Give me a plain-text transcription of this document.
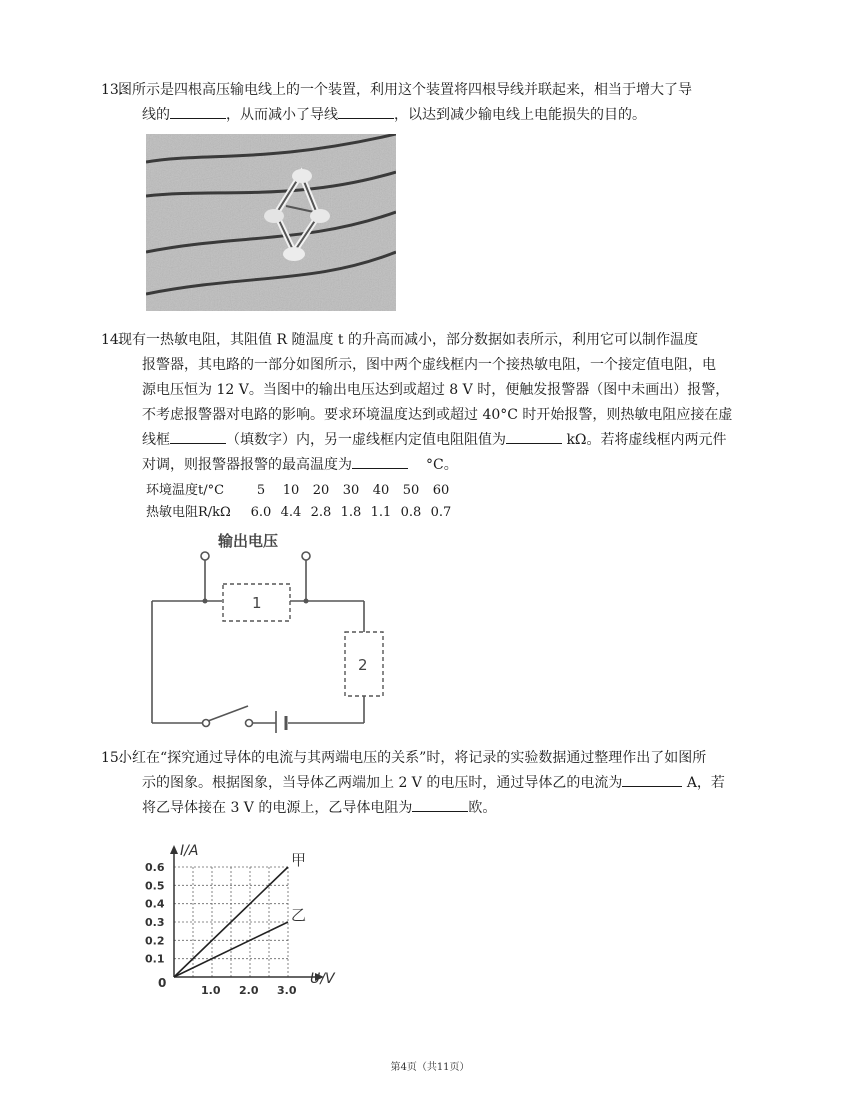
13.
图所示是四根高压输电线上的一个装置，利用这个装置将四根导线并联起来，相当于增大了导
线的	，从而减小了导线	，以达到减少输电线上电能损失的目的。
14.
现有一热敏电阻，其阻值 R 随温度 t 的升高而减小，部分数据如表所示，利用它可以制作温度
报警器，其电路的一部分如图所示，图中两个虚线框内一个接热敏电阻，一个接定值电阻，电
源电压恒为 12 V。当图中的输出电压达到或超过 8 V 时，便触发报警器（图中未画出）报警，
不考虑报警器对电路的影响。要求环境温度达到或超过 40°C 时开始报警，则热敏电阻应接在虚
线框	（填数字）内，另一虚线框内定值电阻阻值为	kΩ。若将虚线框内两元件
对调，则报警器报警的最高温度为	°C。
环境温度t/°C	5	10	20	30	40	50	60
热敏电阻R/kΩ	6.0 4.4 2.8 1.8 1.1 0.8 0.7
输出电压
1
2
15.
小红在“探究通过导体的电流与其两端电压的关系”时，将记录的实验数据通过整理作出了如图所
示的图象。根据图象，当导体乙两端加上 2 V 的电压时，通过导体乙的电流为	A，若
将乙导体接在 3 V 的电源上，乙导体电阻为	欧。
U/V
I/A
0
1.0 2.0 3.0
0.1
0.2
0.3
0.4
0.5
0.6	甲
乙
第4页（共11页）
